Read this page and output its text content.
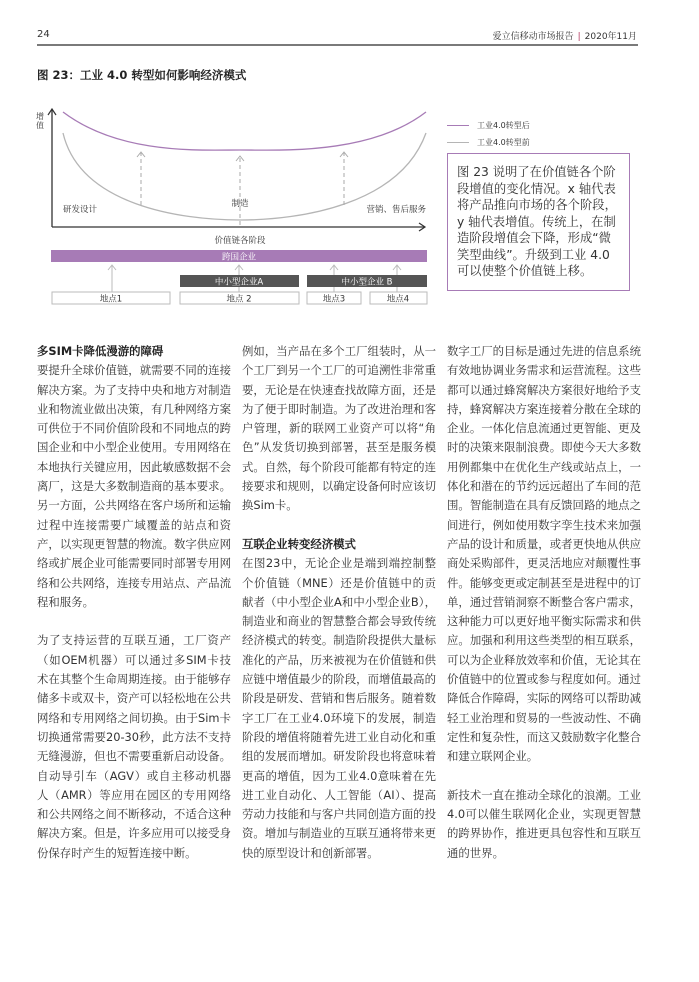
24	爱立信移动市场报告 | 2020年11月
图 23：工业 4.0 转型如何影响经济模式
增
值
研发设计
制造
营销、售后服务
价值链各阶段
跨国企业
中小型企业A	中小型企业 B
地点1	地点 2	地点3	地点4
工业4.0转型后
工业4.0转型前
图 23 说明了在价值链各个阶段增值的变化情况。x 轴代表将产品推向市场的各个阶段，y 轴代表增值。传统上，在制造阶段增值会下降，形成“微笑型曲线”。升级到工业 4.0可以使整个价值链上移。
多SIM卡降低漫游的障碍

要提升全球价值链，就需要不同的连接解决方案。为了支持中央和地方对制造业和物流业做出决策，有几种网络方案可供位于不同价值阶段和不同地点的跨国企业和中小型企业使用。专用网络在本地执行关键应用，因此敏感数据不会离厂，这是大多数制造商的基本要求。另一方面，公共网络在客户场所和运输过程中连接需要广域覆盖的站点和资产，以实现更智慧的物流。数字供应网络或扩展企业可能需要同时部署专用网络和公共网络，连接专用站点、产品流程和服务。

为了支持运营的互联互通，工厂资产（如OEM机器）可以通过多SIM卡技术在其整个生命周期连接。由于能够存储多卡或双卡，资产可以轻松地在公共网络和专用网络之间切换。由于Sim卡切换通常需要20-30秒，此方法不支持无缝漫游，但也不需要重新启动设备。自动导引车（AGV）或自主移动机器人（AMR）等应用在园区的专用网络和公共网络之间不断移动，不适合这种解决方案。但是，许多应用可以接受身份保存时产生的短暂连接中断。

例如，当产品在多个工厂组装时，从一个工厂到另一个工厂的可追溯性非常重要，无论是在快速查找故障方面，还是为了便于即时制造。为了改进治理和客户管理，新的联网工业资产可以将“角色”从发货切换到部署，甚至是服务模式。自然，每个阶段可能都有特定的连接要求和规则，以确定设备何时应该切换Sim卡。

互联企业转变经济模式

在图23中，无论企业是端到端控制整个价值链（MNE）还是价值链中的贡献者（中小型企业A和中小型企业B），制造业和商业的智慧整合都会导致传统经济模式的转变。制造阶段提供大量标准化的产品，历来被视为在价值链和供应链中增值最少的阶段，而增值最高的阶段是研发、营销和售后服务。随着数字工厂在工业4.0环境下的发展，制造阶段的增值将随着先进工业自动化和重组的发展而增加。研发阶段也将意味着更高的增值，因为工业4.0意味着在先进工业自动化、人工智能（AI）、提高劳动力技能和与客户共同创造方面的投资。增加与制造业的互联互通将带来更快的原型设计和创新部署。

数字工厂的目标是通过先进的信息系统有效地协调业务需求和运营流程。这些都可以通过蜂窝解决方案很好地给予支持，蜂窝解决方案连接着分散在全球的企业。一体化信息流通过更智能、更及时的决策来限制浪费。即使今天大多数用例都集中在优化生产线或站点上，一体化和潜在的节约远远超出了车间的范围。智能制造在具有反馈回路的地点之间进行，例如使用数字孪生技术来加强产品的设计和质量，或者更快地从供应商处采购部件，更灵活地应对颠覆性事件。能够变更或定制甚至是进程中的订单，通过营销洞察不断整合客户需求，这种能力可以更好地平衡实际需求和供应。加强和利用这些类型的相互联系，可以为企业释放效率和价值，无论其在价值链中的位置或参与程度如何。通过降低合作障碍，实际的网络可以帮助减轻工业治理和贸易的一些波动性、不确定性和复杂性，而这又鼓励数字化整合和建立联网企业。

新技术一直在推动全球化的浪潮。工业4.0可以催生联网化企业，实现更智慧的跨界协作，推进更具包容性和互联互通的世界。
